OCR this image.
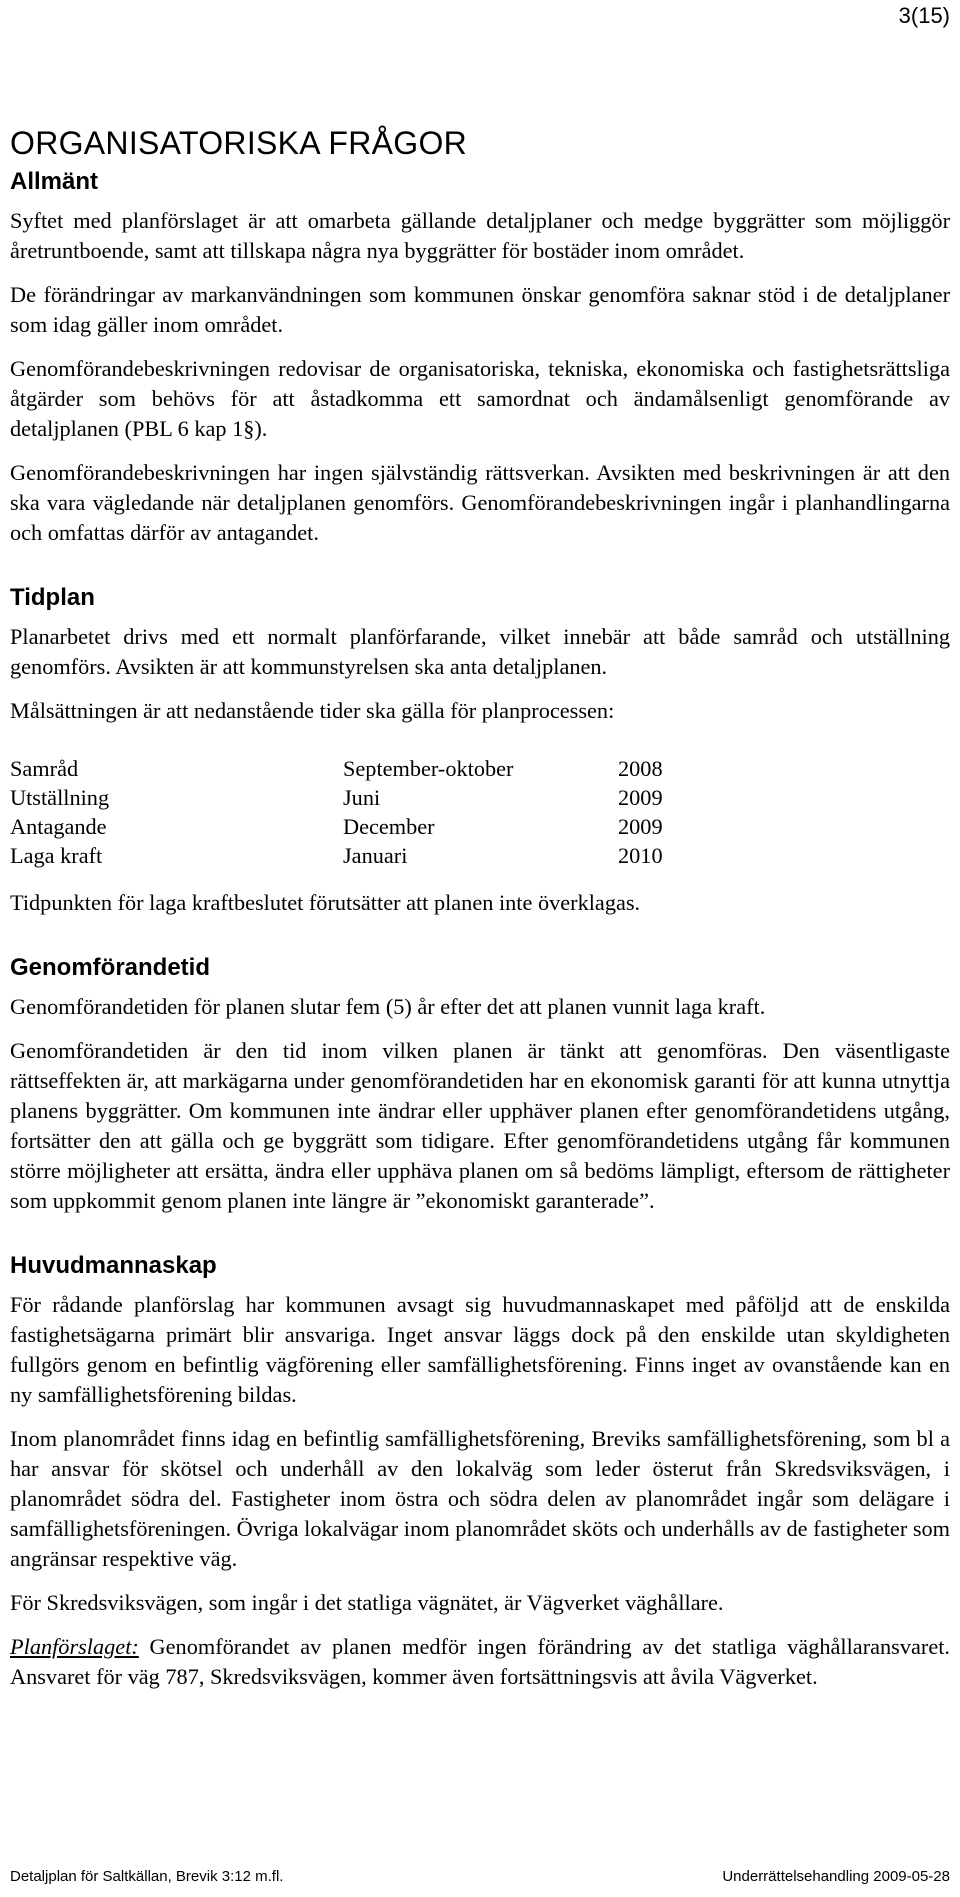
3(15)
ORGANISATORISKA FRÅGOR
Allmänt

Syftet med planförslaget är att omarbeta gällande detaljplaner och medge byggrätter som möjliggör åretruntboende, samt att tillskapa några nya byggrätter för bostäder inom området.

De förändringar av markanvändningen som kommunen önskar genomföra saknar stöd i de detaljplaner som idag gäller inom området.

Genomförandebeskrivningen redovisar de organisatoriska, tekniska, ekonomiska och fastighetsrättsliga åtgärder som behövs för att åstadkomma ett samordnat och ändamålsenligt genomförande av detaljplanen (PBL 6 kap 1§).

Genomförandebeskrivningen har ingen självständig rättsverkan. Avsikten med beskrivningen är att den ska vara vägledande när detaljplanen genomförs. Genomförandebeskrivningen ingår i planhandlingarna och omfattas därför av antagandet.

Tidplan

Planarbetet drivs med ett normalt planförfarande, vilket innebär att både samråd och utställning genomförs. Avsikten är att kommunstyrelsen ska anta detaljplanen.

Målsättningen är att nedanstående tider ska gälla för planprocessen:

Samråd	September-oktober	2008
Utställning	Juni	2009
Antagande	December	2009
Laga kraft	Januari	2010

Tidpunkten för laga kraftbeslutet förutsätter att planen inte överklagas.

Genomförandetid

Genomförandetiden för planen slutar fem (5) år efter det att planen vunnit laga kraft.

Genomförandetiden är den tid inom vilken planen är tänkt att genomföras. Den väsentligaste rättseffekten är, att markägarna under genomförandetiden har en ekonomisk garanti för att kunna utnyttja planens byggrätter. Om kommunen inte ändrar eller upphäver planen efter genomförandetidens utgång, fortsätter den att gälla och ge byggrätt som tidigare. Efter genomförandetidens utgång får kommunen större möjligheter att ersätta, ändra eller upphäva planen om så bedöms lämpligt, eftersom de rättigheter som uppkommit genom planen inte längre är ”ekonomiskt garanterade”.

Huvudmannaskap

För rådande planförslag har kommunen avsagt sig huvudmannaskapet med påföljd att de enskilda fastighetsägarna primärt blir ansvariga. Inget ansvar läggs dock på den enskilde utan skyldigheten fullgörs genom en befintlig vägförening eller samfällighetsförening. Finns inget av ovanstående kan en ny samfällighetsförening bildas.

Inom planområdet finns idag en befintlig samfällighetsförening, Breviks samfällighetsförening, som bl a har ansvar för skötsel och underhåll av den lokalväg som leder österut från Skredsviksvägen, i planområdet södra del. Fastigheter inom östra och södra delen av planområdet ingår som delägare i samfällighetsföreningen. Övriga lokalvägar inom planområdet sköts och underhålls av de fastigheter som angränsar respektive väg.

För Skredsviksvägen, som ingår i det statliga vägnätet, är Vägverket väghållare.

Planförslaget: Genomförandet av planen medför ingen förändring av det statliga väghållaransvaret. Ansvaret för väg 787, Skredsviksvägen, kommer även fortsättningsvis att åvila Vägverket.

Detaljplan för Saltkällan, Brevik 3:12 m.fl.	Underrättelsehandling 2009-05-28
